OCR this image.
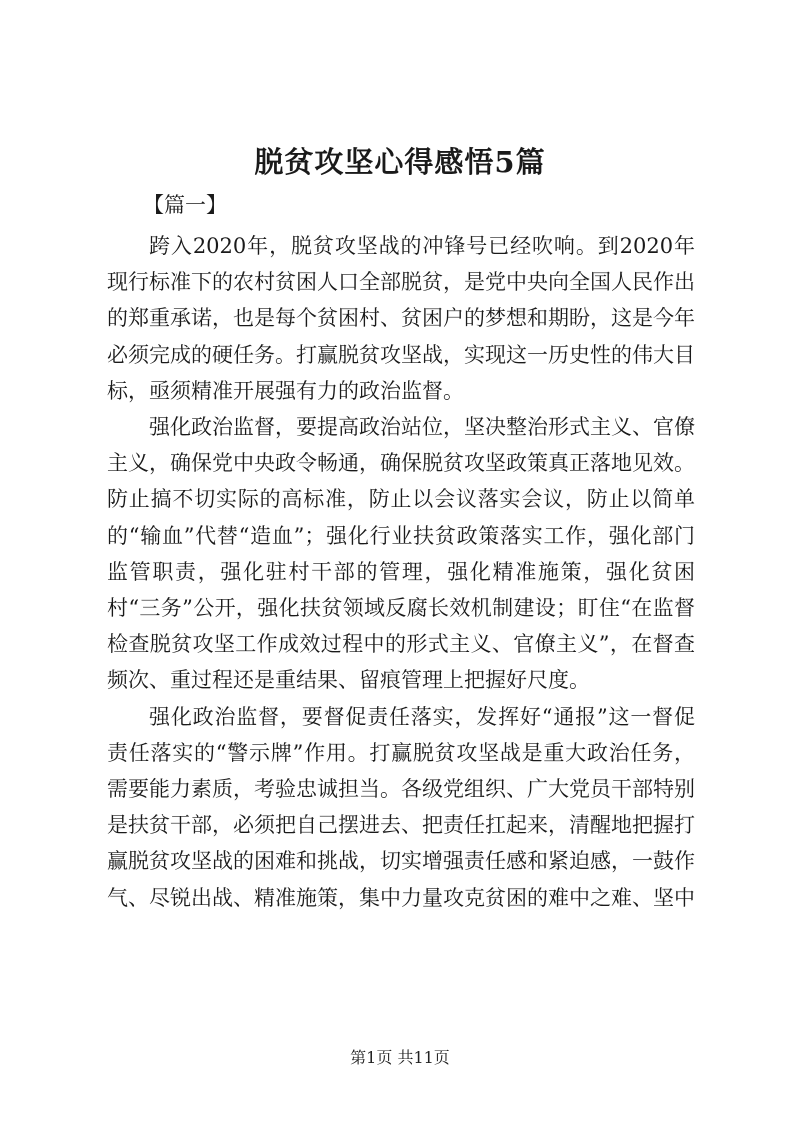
脱贫攻坚心得感悟5篇
【篇一】

跨入2020年，脱贫攻坚战的冲锋号已经吹响。到2020年现行标准下的农村贫困人口全部脱贫，是党中央向全国人民作出的郑重承诺，也是每个贫困村、贫困户的梦想和期盼，这是今年必须完成的硬任务。打赢脱贫攻坚战，实现这一历史性的伟大目标，亟须精准开展强有力的政治监督。

强化政治监督，要提高政治站位，坚决整治形式主义、官僚主义，确保党中央政令畅通，确保脱贫攻坚政策真正落地见效。防止搞不切实际的高标准，防止以会议落实会议，防止以简单的“输血”代替“造血”；强化行业扶贫政策落实工作，强化部门监管职责，强化驻村干部的管理，强化精准施策，强化贫困村“三务”公开，强化扶贫领域反腐长效机制建设；盯住“在监督检查脱贫攻坚工作成效过程中的形式主义、官僚主义”，在督查频次、重过程还是重结果、留痕管理上把握好尺度。

强化政治监督，要督促责任落实，发挥好“通报”这一督促责任落实的“警示牌”作用。打赢脱贫攻坚战是重大政治任务，需要能力素质，考验忠诚担当。各级党组织、广大党员干部特别是扶贫干部，必须把自己摆进去、把责任扛起来，清醒地把握打赢脱贫攻坚战的困难和挑战，切实增强责任感和紧迫感，一鼓作气、尽锐出战、精准施策，集中力量攻克贫困的难中之难、坚中

第1页 共11页
